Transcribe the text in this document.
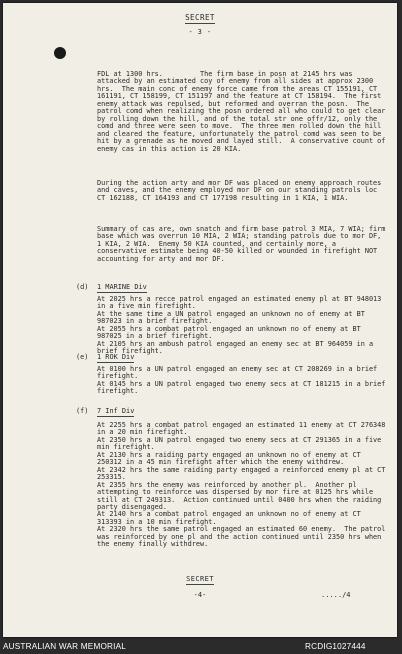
SECRET
- 3 -

FDL at 1300 hrs.         The firm base in posn at 2145 hrs was attacked by an estimated coy of enemy from all sides at approx 2300 hrs.  The main conc of enemy force came from the areas CT 155191, CT 161191, CT 158199, CT 151197 and the feature at CT 158194.  The first enemy attack was repulsed, but reformed and overran the posn.  The patrol comd when realizing the posn ordered all who could to get clear by rolling down the hill, and of the total str one offr/12, only the comd and three were seen to move.  The three men rolled down the hill and cleared the feature, unfortunately the patrol comd was seen to be hit by a grenade as he moved and layed still.  A conservative count of enemy cas in this action is 20 KIA.

During the action arty and mor DF was placed on enemy approach routes and caves, and the enemy employed mor DF on our standing patrols loc CT 162188, CT 164193 and CT 177198 resulting in 1 KIA, 1 WIA.

Summary of cas are, own snatch and firm base patrol 3 MIA, 7 WIA; firm base which was overrun 10 MIA, 2 WIA; standing patrols due to mor DF, 1 KIA, 2 WIA.  Enemy 50 KIA counted, and certainly more, a conservative estimate being 40-50 killed or wounded in firefight NOT accounting for arty and mor DF.

(d) 1 MARINE Div

At 2025 hrs a recce patrol engaged an estimated enemy pl at BT 948013 in a five min firefight.
At the same time a UN patrol engaged an unknown no of enemy at BT 987023 in a brief firefight.
At 2055 hrs a combat patrol engaged an unknown no of enemy at BT 987025 in a brief firefight.
At 2105 hrs an ambush patrol engaged an enemy sec at BT 964059 in a brief firefight.

(e) 1 ROK Div

At 0100 hrs a UN patrol engaged an enemy sec at CT 208269 in a brief firefight.
At 0145 hrs a UN patrol engaged two enemy secs at CT 181215 in a brief firefight.

(f) 7 Inf Div

At 2255 hrs a combat patrol engaged an estimated 11 enemy at CT 276348 in a 20 min firefight.
At 2350 hrs a UN patrol engaged two enemy secs at CT 291365 in a five min firefight.
At 2130 hrs a raiding party engaged an unknown no of enemy at CT 250312 in a 45 min firefight after which the enemy withdrew.
At 2342 hrs the same raiding party engaged a reinforced enemy pl at CT 253315.
At 2355 hrs the enemy was reinforced by another pl.  Another pl attempting to reinforce was dispersed by mor fire at 0125 hrs while still at CT 249313.  Action continued until 0400 hrs when the raiding party disengaged.
At 2140 hrs a combat patrol engaged an unknown no of enemy at CT 313393 in a 10 min firefight.
At 2320 hrs the same patrol engaged an estimated 60 enemy.  The patrol was reinforced by one pl and the action continued until 2350 hrs when the enemy finally withdrew.

SECRET
-4-	...../4
AUSTRALIAN WAR MEMORIAL	RCDIG1027444
